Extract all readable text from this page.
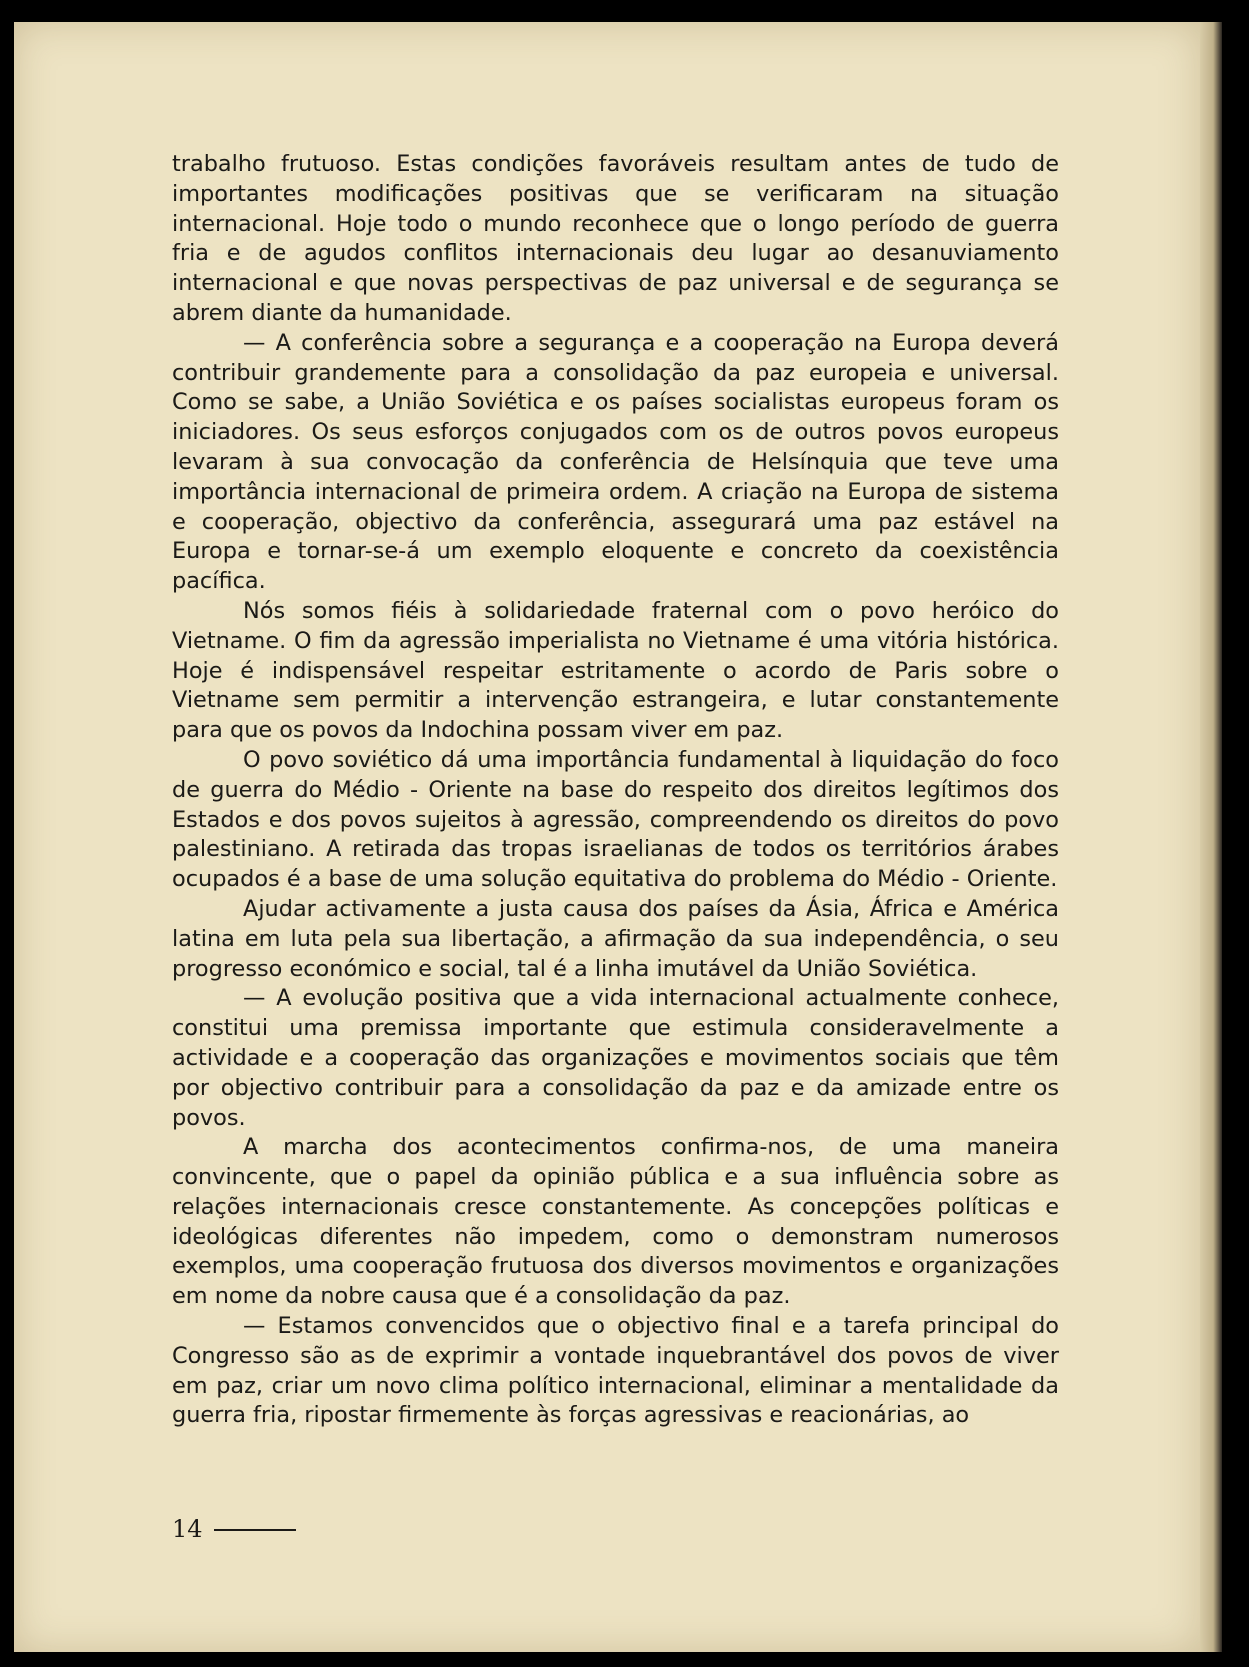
trabalho frutuoso. Estas condições favoráveis resultam antes de tudo de importantes modificações positivas que se verificaram na situação internacional. Hoje todo o mundo reconhece que o longo período de guerra fria e de agudos conflitos internacionais deu lugar ao desanuviamento internacional e que novas perspectivas de paz universal e de segurança se abrem diante da humanidade.

— A conferência sobre a segurança e a cooperação na Europa deverá contribuir grandemente para a consolidação da paz europeia e universal. Como se sabe, a União Soviética e os países socialistas europeus foram os iniciadores. Os seus esforços conjugados com os de outros povos europeus levaram à sua convocação da conferência de Helsínquia que teve uma importância internacional de primeira ordem. A criação na Europa de sistema e cooperação, objectivo da conferência, assegurará uma paz estável na Europa e tornar-se-á um exemplo eloquente e concreto da coexistência pacífica.

Nós somos fiéis à solidariedade fraternal com o povo heróico do Vietname. O fim da agressão imperialista no Vietname é uma vitória histórica. Hoje é indispensável respeitar estritamente o acordo de Paris sobre o Vietname sem permitir a intervenção estrangeira, e lutar constantemente para que os povos da Indochina possam viver em paz.

O povo soviético dá uma importância fundamental à liquidação do foco de guerra do Médio - Oriente na base do respeito dos direitos legítimos dos Estados e dos povos sujeitos à agressão, compreendendo os direitos do povo palestiniano. A retirada das tropas israelianas de todos os territórios árabes ocupados é a base de uma solução equitativa do problema do Médio - Oriente.

Ajudar activamente a justa causa dos países da Ásia, África e América latina em luta pela sua libertação, a afirmação da sua independência, o seu progresso económico e social, tal é a linha imutável da União Soviética.

— A evolução positiva que a vida internacional actualmente conhece, constitui uma premissa importante que estimula consideravelmente a actividade e a cooperação das organizações e movimentos sociais que têm por objectivo contribuir para a consolidação da paz e da amizade entre os povos.

A marcha dos acontecimentos confirma-nos, de uma maneira convincente, que o papel da opinião pública e a sua influência sobre as relações internacionais cresce constantemente. As concepções políticas e ideológicas diferentes não impedem, como o demonstram numerosos exemplos, uma cooperação frutuosa dos diversos movimentos e organizações em nome da nobre causa que é a consolidação da paz.

— Estamos convencidos que o objectivo final e a tarefa principal do Congresso são as de exprimir a vontade inquebrantável dos povos de viver em paz, criar um novo clima político internacional, eliminar a mentalidade da guerra fria, ripostar firmemente às forças agressivas e reacionárias, ao

14
